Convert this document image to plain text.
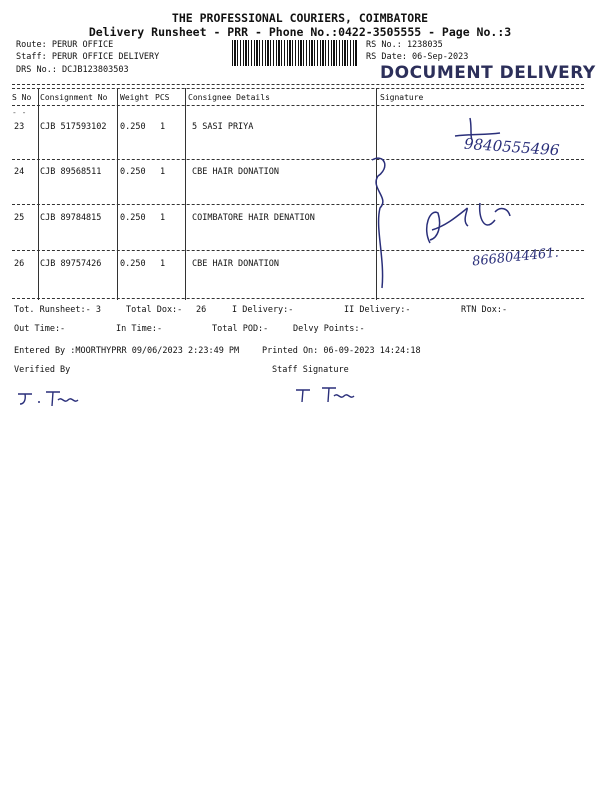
THE PROFESSIONAL COURIERS, COIMBATORE
Delivery Runsheet - PRR - Phone No.:0422-3505555 - Page No.:3
Route: PERUR OFFICE
Staff: PERUR OFFICE DELIVERY
DRS No.: DCJB123803503
RS No.: 1238035
RS Date: 06-Sep-2023
DOCUMENT DELIVERY
S No Consignment No Weight PCS Consignee Details	Signature
- -
23 CJB 517593102 0.250 1	5 SASI PRIYA
24 CJB 89568511 0.250 1	CBE HAIR DONATION
25 CJB 89784815 0.250 1	COIMBATORE HAIR DENATION
26 CJB 89757426 0.250 1	CBE HAIR DONATION
9840555496
8668044461.
Tot. Runsheet:- 3	Total Dox:- 26	I Delivery:-	II Delivery:-	RTN Dox:-
Out Time:-	In Time:-	Total POD:-	Delvy Points:-
Entered By :MOORTHYPRR 09/06/2023 2:23:49 PM	Printed On: 06-09-2023 14:24:18
Verified By	Staff Signature
